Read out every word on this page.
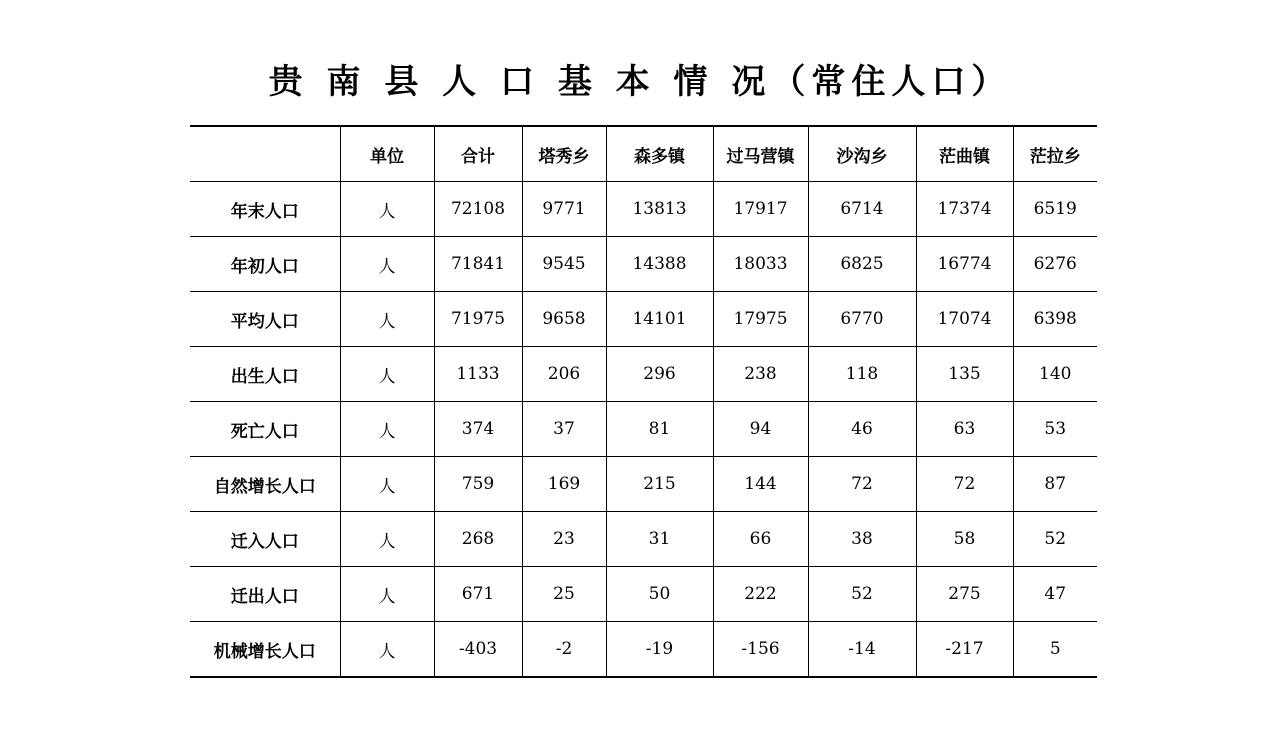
贵 南 县 人 口 基 本 情 况（常住人口）
	单位	合计	塔秀乡	森多镇	过马营镇	沙沟乡	茫曲镇	茫拉乡
年末人口	人	72108	9771	13813	17917	6714	17374	6519
年初人口	人	71841	9545	14388	18033	6825	16774	6276
平均人口	人	71975	9658	14101	17975	6770	17074	6398
出生人口	人	1133	206	296	238	118	135	140
死亡人口	人	374	37	81	94	46	63	53
自然增长人口	人	759	169	215	144	72	72	87
迁入人口	人	268	23	31	66	38	58	52
迁出人口	人	671	25	50	222	52	275	47
机械增长人口	人	-403	-2	-19	-156	-14	-217	5
